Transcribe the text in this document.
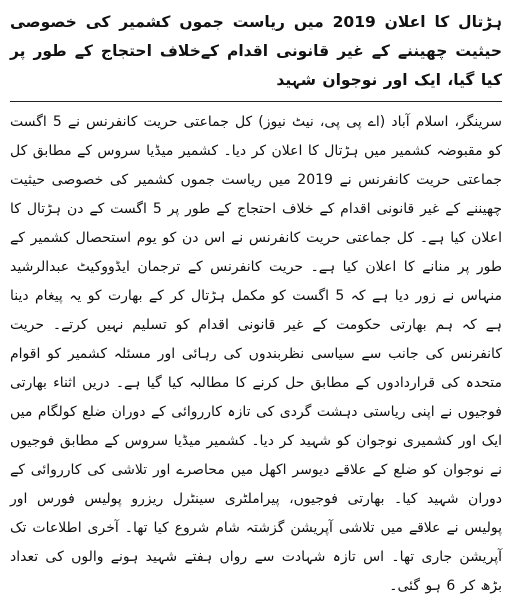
ہڑتال کا اعلان 2019 میں ریاست جموں کشمیر کی خصوصی حیثیت چھیننے کے غیر قانونی اقدام کےخلاف احتجاج کے طور پر کیا گیا، ایک اور نوجوان شہید

سرینگر، اسلام آباد (اے پی پی، نیٹ نیوز) کل جماعتی حریت کانفرنس نے 5 اگست کو مقبوضہ کشمیر میں ہڑتال کا اعلان کر دیا۔ کشمیر میڈیا سروس کے مطابق کل جماعتی حریت کانفرنس نے 2019 میں ریاست جموں کشمیر کی خصوصی حیثیت چھیننے کے غیر قانونی اقدام کے خلاف احتجاج کے طور پر 5 اگست کے دن ہڑتال کا اعلان کیا ہے۔ کل جماعتی حریت کانفرنس نے اس دن کو یوم استحصال کشمیر کے طور پر منانے کا اعلان کیا ہے۔ حریت کانفرنس کے ترجمان ایڈووکیٹ عبدالرشید منہاس نے زور دیا ہے کہ 5 اگست کو مکمل ہڑتال کر کے بھارت کو یہ پیغام دینا ہے کہ ہم بھارتی حکومت کے غیر قانونی اقدام کو تسلیم نہیں کرتے۔ حریت کانفرنس کی جانب سے سیاسی نظربندوں کی رہائی اور مسئلہ کشمیر کو اقوام متحدہ کی قراردادوں کے مطابق حل کرنے کا مطالبہ کیا گیا ہے۔ دریں اثناء بھارتی فوجیوں نے اپنی ریاستی دہشت گردی کی تازہ کارروائی کے دوران ضلع کولگام میں ایک اور کشمیری نوجوان کو شہید کر دیا۔ کشمیر میڈیا سروس کے مطابق فوجیوں نے نوجوان کو ضلع کے علاقے دیوسر اکھل میں محاصرے اور تلاشی کی کارروائی کے دوران شہید کیا۔ بھارتی فوجیوں، پیراملٹری سینٹرل ریزرو پولیس فورس اور پولیس نے علاقے میں تلاشی آپریشن گزشتہ شام شروع کیا تھا۔ آخری اطلاعات تک آپریشن جاری تھا۔ اس تازہ شہادت سے رواں ہفتے شہید ہونے والوں کی تعداد بڑھ کر 6 ہو گئی۔
